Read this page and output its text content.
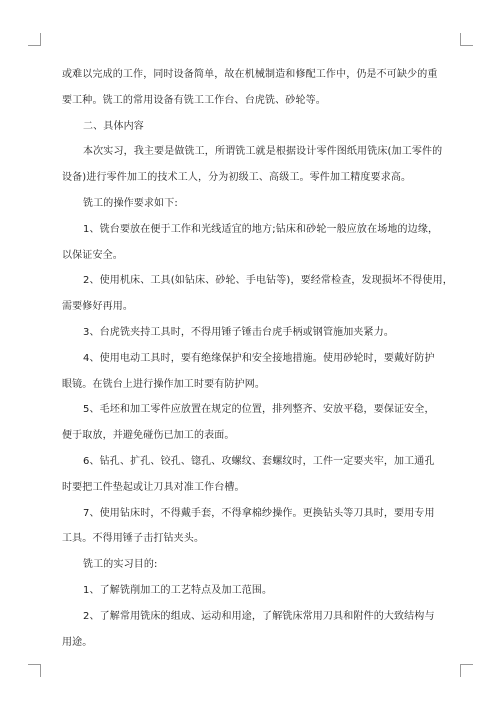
或难以完成的工作，同时设备简单，故在机械制造和修配工作中，仍是不可缺少的重

要工种。铣工的常用设备有铣工工作台、台虎铣、砂轮等。

二、具体内容

本次实习，我主要是做铣工，所谓铣工就是根据设计零件图纸用铣床(加工零件的

设备)进行零件加工的技术工人，分为初级工、高级工。零件加工精度要求高。

铣工的操作要求如下:

1、铣台要放在便于工作和光线适宜的地方;钻床和砂轮一般应放在场地的边缘，

以保证安全。

2、使用机床、工具(如钻床、砂轮、手电钻等)，要经常检查，发现损坏不得使用，

需要修好再用。

3、台虎铣夹持工具时，不得用锤子锤击台虎手柄或钢管施加夹紧力。

4、使用电动工具时，要有绝缘保护和安全接地措施。使用砂轮时，要戴好防护

眼镜。在铣台上进行操作加工时要有防护网。

5、毛坯和加工零件应放置在规定的位置，排列整齐、安放平稳，要保证安全，

便于取放，并避免碰伤已加工的表面。

6、钻孔、扩孔、铰孔、锪孔、攻螺纹、套螺纹时，工件一定要夹牢，加工通孔

时要把工件垫起或让刀具对准工作台槽。

7、使用钻床时，不得戴手套，不得拿棉纱操作。更换钻头等刀具时，要用专用

工具。不得用锤子击打钻夹头。

铣工的实习目的:

1、了解铣削加工的工艺特点及加工范围。

2、了解常用铣床的组成、运动和用途，了解铣床常用刀具和附件的大致结构与

用途。
